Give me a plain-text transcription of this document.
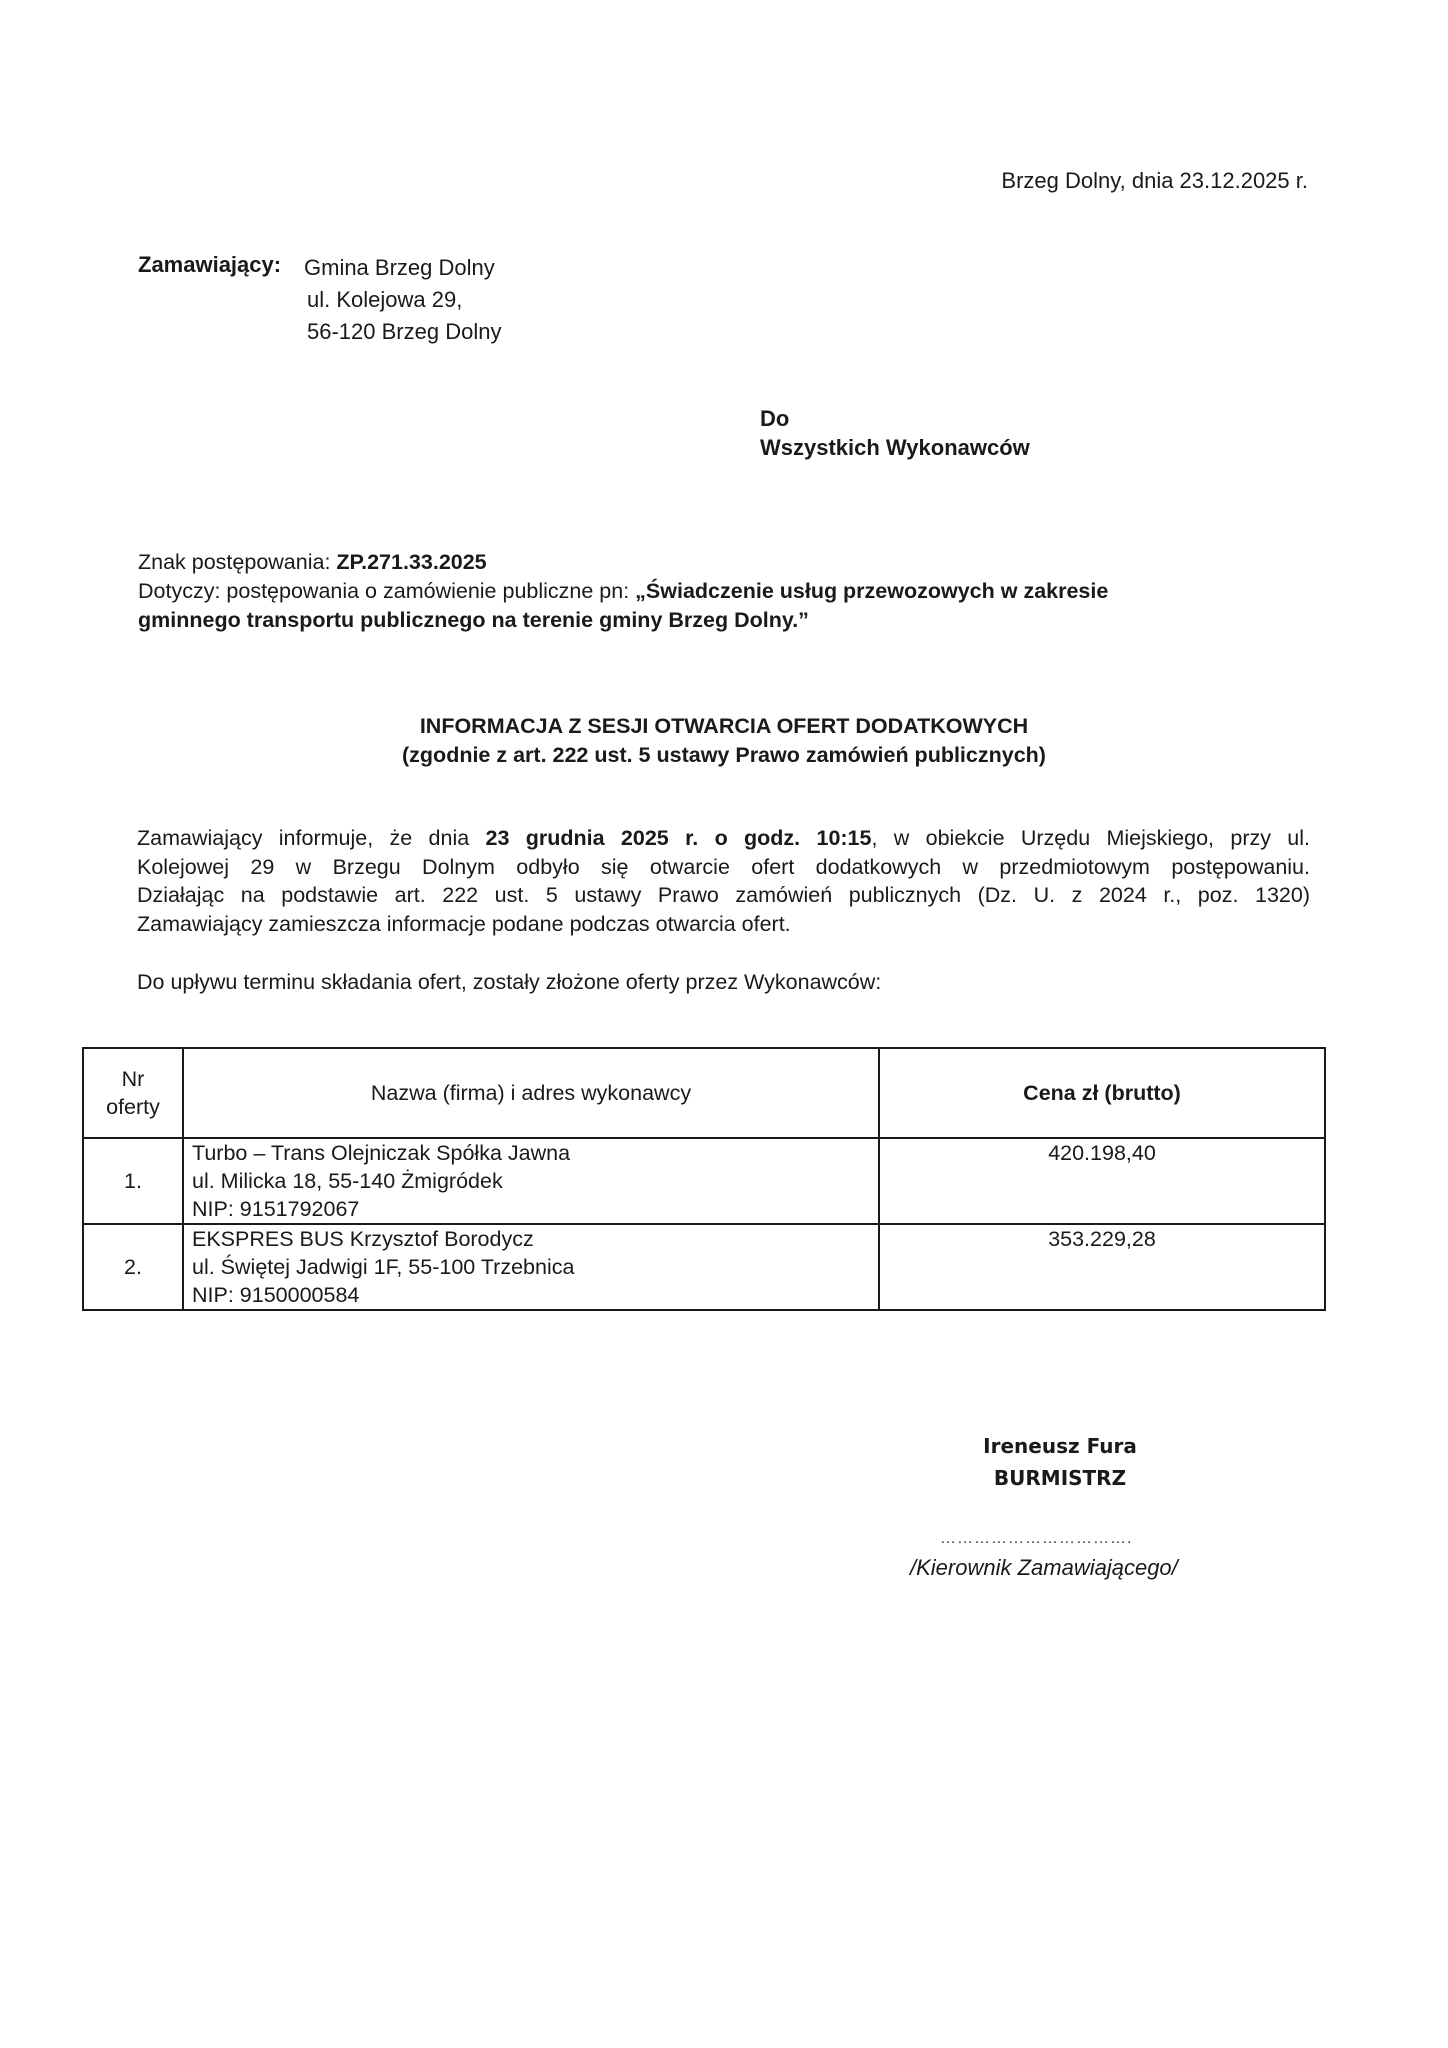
Brzeg Dolny, dnia 23.12.2025 r.
Zamawiający: Gmina Brzeg Dolny
ul. Kolejowa 29,
56-120 Brzeg Dolny
Do
Wszystkich Wykonawców
Znak postępowania: ZP.271.33.2025
Dotyczy: postępowania o zamówienie publiczne pn: „Świadczenie usług przewozowych w zakresie
gminnego transportu publicznego na terenie gminy Brzeg Dolny.”
INFORMACJA Z SESJI OTWARCIA OFERT DODATKOWYCH
(zgodnie z art. 222 ust. 5 ustawy Prawo zamówień publicznych)
Zamawiający informuje, że dnia 23 grudnia 2025 r. o godz. 10:15, w obiekcie Urzędu Miejskiego, przy ul.
Kolejowej 29 w Brzegu Dolnym odbyło się otwarcie ofert dodatkowych w przedmiotowym postępowaniu.
Działając na podstawie art. 222 ust. 5 ustawy Prawo zamówień publicznych (Dz. U. z 2024 r., poz. 1320)
Zamawiający zamieszcza informacje podane podczas otwarcia ofert.
Do upływu terminu składania ofert, zostały złożone oferty przez Wykonawców:
Nr
oferty	Nazwa (firma) i adres wykonawcy	Cena zł (brutto)
1.	Turbo – Trans Olejniczak Spółka Jawna
ul. Milicka 18, 55-140 Żmigródek
NIP: 9151792067	420.198,40
2.	EKSPRES BUS Krzysztof Borodycz
ul. Świętej Jadwigi 1F, 55-100 Trzebnica
NIP: 9150000584	353.229,28
Ireneusz Fura
BURMISTRZ
…………………………….
/Kierownik Zamawiającego/
